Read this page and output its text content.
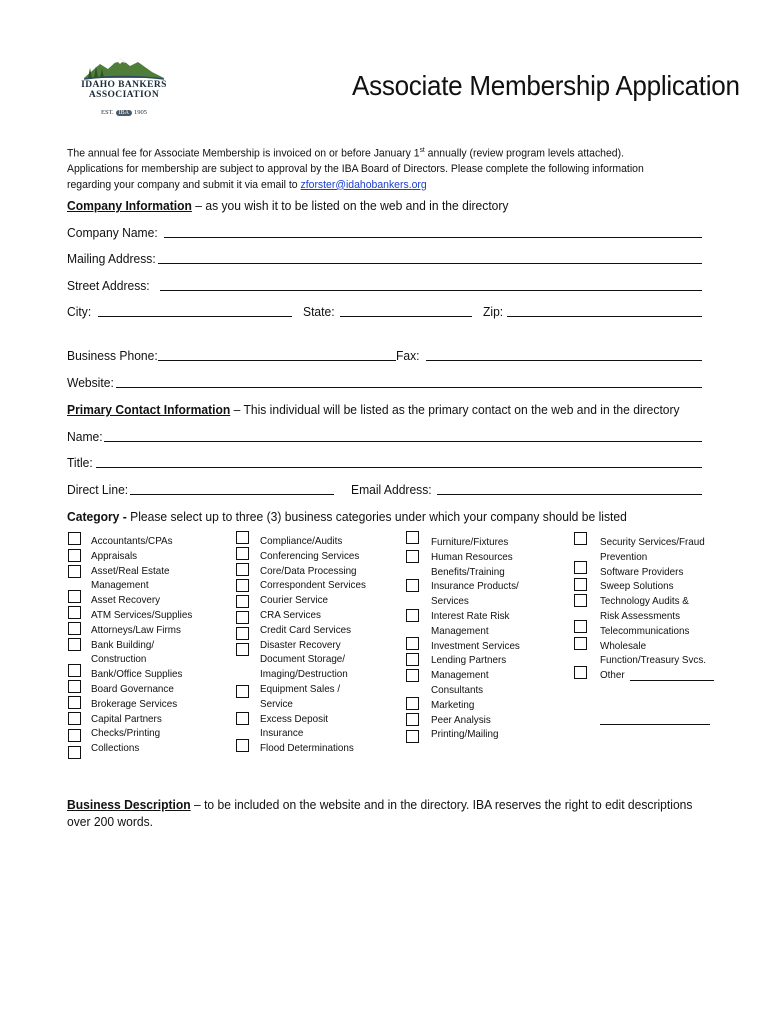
IDAHO BANKERS
ASSOCIATION
EST. IBA 1905
Associate Membership Application
The annual fee for Associate Membership is invoiced on or before January 1st annually (review program levels attached). Applications for membership are subject to approval by the IBA Board of Directors. Please complete the following information regarding your company and submit it via email to zforster@idahobankers.org
Company Information – as you wish it to be listed on the web and in the directory
Company Name:
Mailing Address:
Street Address:
City:	State:	Zip:
Business Phone:	Fax:
Website:
Primary Contact Information – This individual will be listed as the primary contact on the web and in the directory
Name:
Title:
Direct Line:	Email Address:
Category - Please select up to three (3) business categories under which your company should be listed
Accountants/CPAs
Appraisals
Asset/Real Estate
Management
Asset Recovery
ATM Services/Supplies
Attorneys/Law Firms
Bank Building/
Construction
Bank/Office Supplies
Board Governance
Brokerage Services
Capital Partners
Checks/Printing
Collections
Compliance/Audits
Conferencing Services
Core/Data Processing
Correspondent Services
Courier Service
CRA Services
Credit Card Services
Disaster Recovery
Document Storage/
Imaging/Destruction
Equipment Sales /
Service
Excess Deposit
Insurance
Flood Determinations
Furniture/Fixtures
Human Resources
Benefits/Training
Insurance Products/
Services
Interest Rate Risk
Management
Investment Services
Lending Partners
Management
Consultants
Marketing
Peer Analysis
Printing/Mailing
Security Services/Fraud
Prevention
Software Providers
Sweep Solutions
Technology Audits &
Risk Assessments
Telecommunications
Wholesale
Function/Treasury Svcs.
Other
Business Description – to be included on the website and in the directory. IBA reserves the right to edit descriptions over 200 words.
